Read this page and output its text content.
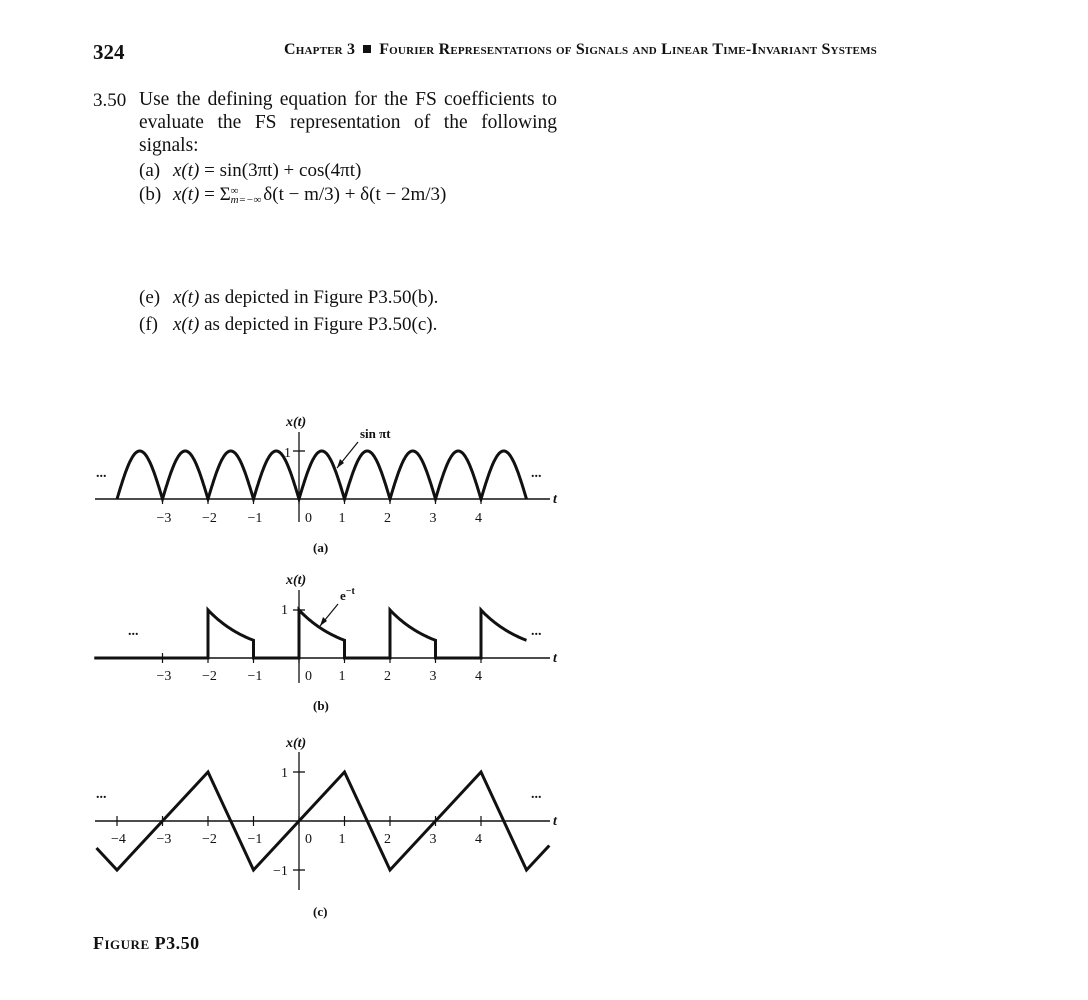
324	Chapter 3 Fourier Representations of Signals and Linear Time-Invariant Systems
3.50 Use the defining equation for the FS coefficients to evaluate the FS representation of the following signals:
(a) x(t) = sin(3πt) + cos(4πt)
(b) x(t) = Σ ∞
m=−∞ δ(t − m/3) + δ(t − 2m/3)
(e) x(t) as depicted in Figure P3.50(b).
(f) x(t) as depicted in Figure P3.50(c).
−3 −2 −1	0 1	2	3	4
x(t)
1
t
sin πt
...	...
(a)
−3 −2 −1	0 1	2	3	4
x(t)
1
t
$e^{-t}$
...	...
(b)
−4 −3 −2 −1	0 1	2	3	4
x(t)
1
−1
t
...	...
(c)
Figure P3.50
